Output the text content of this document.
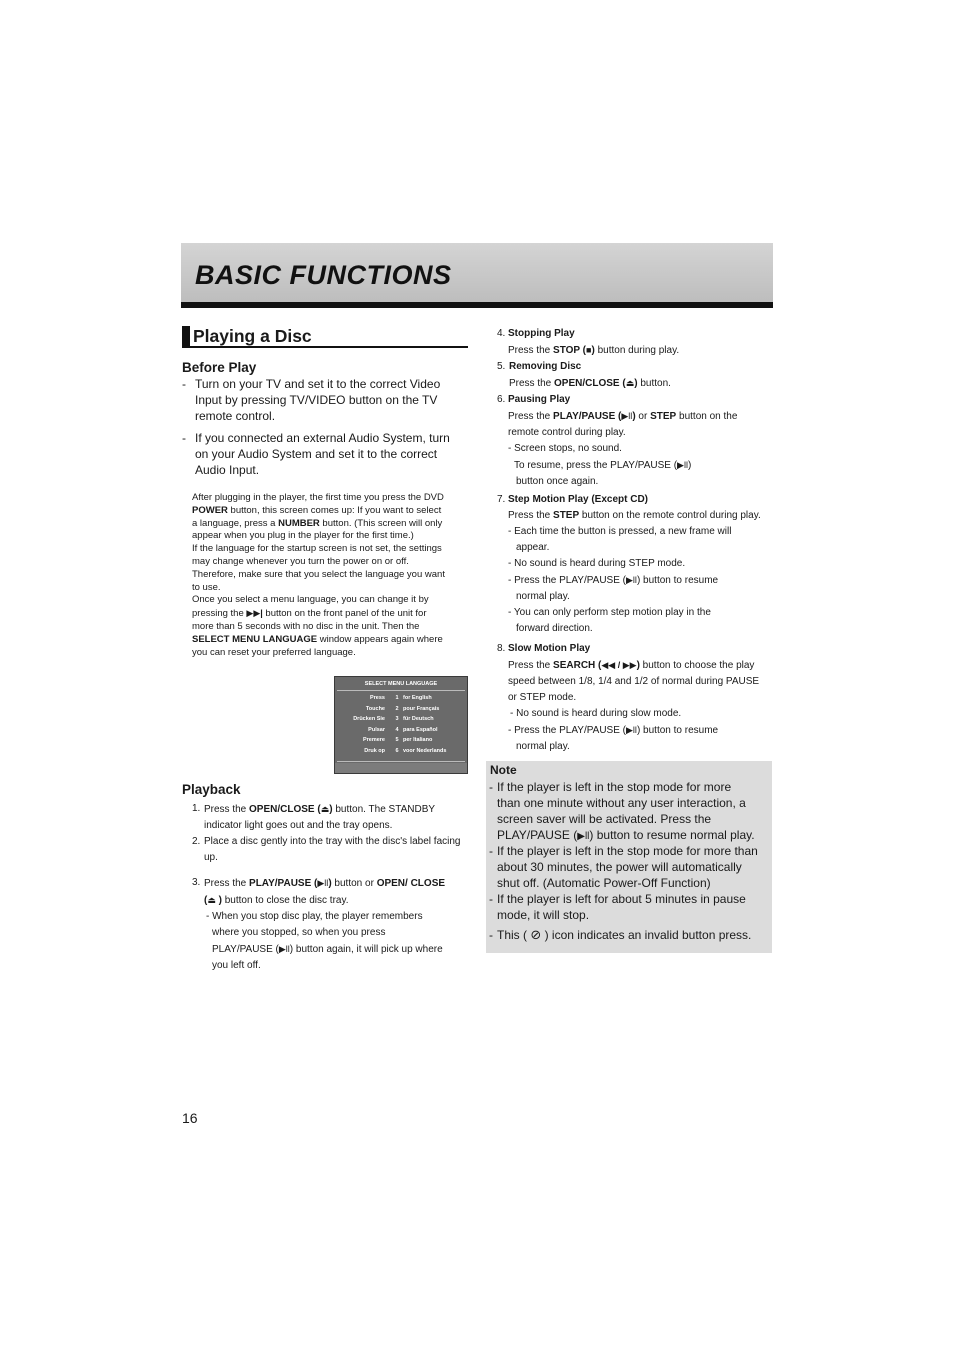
BASIC FUNCTIONS
Playing a Disc
Before Play
- Turn on your TV and set it to the correct Video
Input by pressing TV/VIDEO button on the TV
remote control.
- If you connected an external Audio System, turn
on your Audio System and set it to the correct
Audio Input.

After plugging in the player, the first time you press the DVD

POWER button, this screen comes up: If you want to select

a language, press a NUMBER button. (This screen will only

appear when you plug in the player for the first time.)

If the language for the startup screen is not set, the settings

may change whenever you turn the power on or off.

Therefore, make sure that you select the language you want

to use.

Once you select a menu language, you can change it by

pressing the ▶▶| button on the front panel of the unit for

more than 5 seconds with no disc in the unit. Then the

SELECT MENU LANGUAGE window appears again where

you can reset your preferred language.

SELECT MENU LANGUAGE
Press	1 for English
Touche	2 pour Français
Drücken Sie	3 für Deutsch
Pulsar	4 para Español
Premere	5 per Italiano
Druk op	6 voor Nederlands
Playback
1. Press the OPEN/CLOSE (⏏) button. The STANDBY
indicator light goes out and the tray opens.
2. Place a disc gently into the tray with the disc's label facing
up.
3. Press the PLAY/PAUSE (▶ll) button or OPEN/ CLOSE
(⏏ ) button to close the disc tray.
- When you stop disc play, the player remembers
where you stopped, so when you press
PLAY/PAUSE (▶ll) button again, it will pick up where
you left off.
4. Stopping Play
Press the STOP (■) button during play.
5. Removing Disc
Press the OPEN/CLOSE (⏏) button.
6. Pausing Play
Press the PLAY/PAUSE (▶ll) or STEP button on the
remote control during play.
- Screen stops, no sound.
To resume, press the PLAY/PAUSE (▶ll)
button once again.
7. Step Motion Play (Except CD)
Press the STEP button on the remote control during play.
- Each time the button is pressed, a new frame will
appear.
- No sound is heard during STEP mode.
- Press the PLAY/PAUSE (▶ll) button to resume
normal play.
- You can only perform step motion play in the
forward direction.
8. Slow Motion Play
Press the SEARCH (◀◀ / ▶▶) button to choose the play
speed between 1/8, 1/4 and 1/2 of normal during PAUSE
or STEP mode.
- No sound is heard during slow mode.
- Press the PLAY/PAUSE (▶ll) button to resume
normal play.
Note
- If the player is left in the stop mode for more
than one minute without any user interaction, a
screen saver will be activated. Press the
PLAY/PAUSE (▶ll) button to resume normal play.
- If the player is left in the stop mode for more than
about 30 minutes, the power will automatically
shut off. (Automatic Power-Off Function)
- If the player is left for about 5 minutes in pause
mode, it will stop.
- This ( ⊘ ) icon indicates an invalid button press.
16
